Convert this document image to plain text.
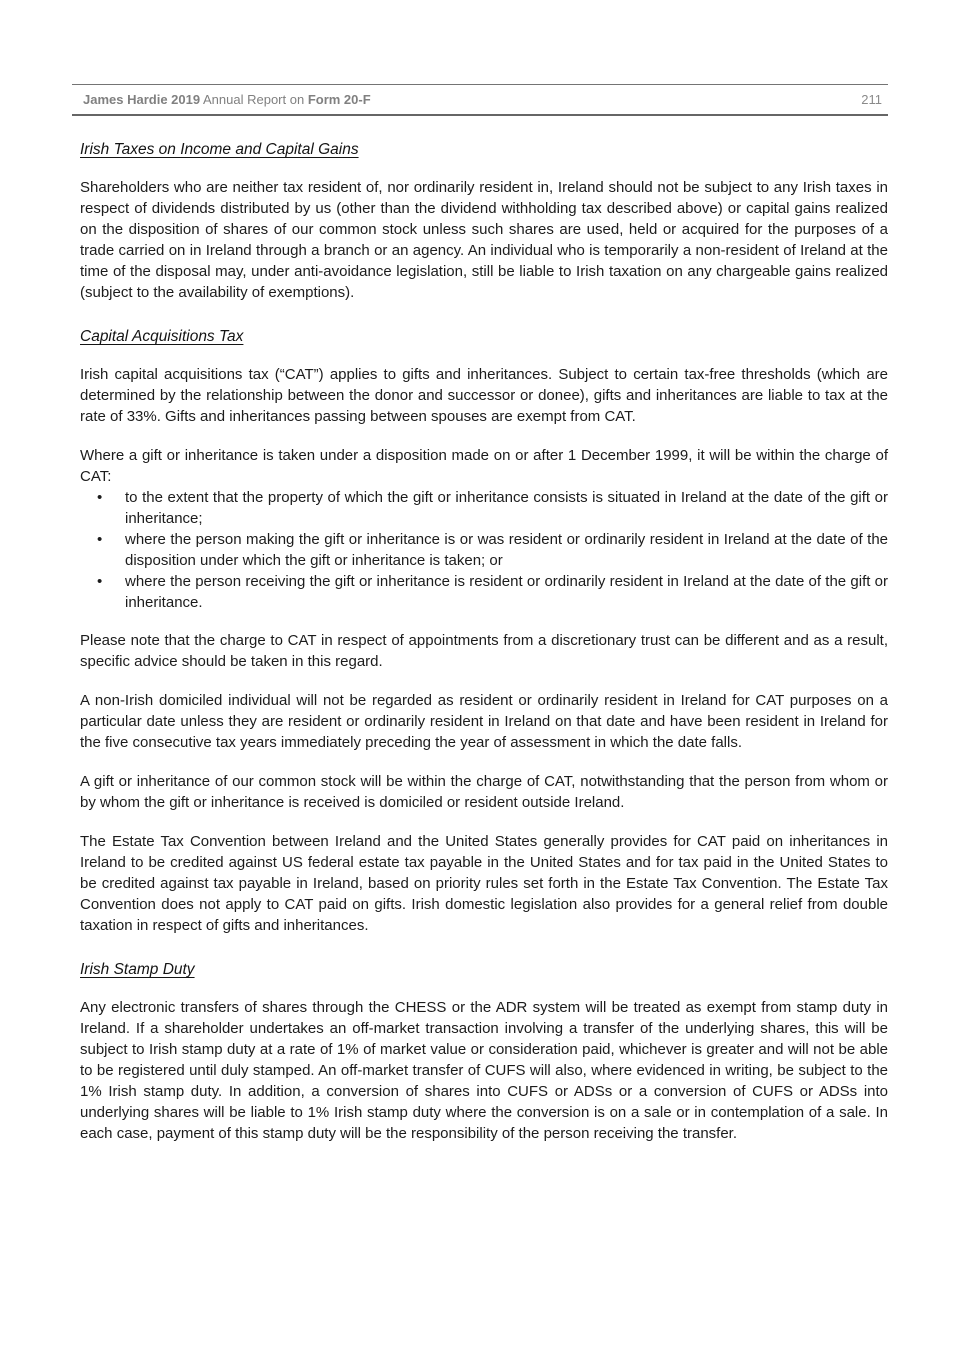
James Hardie 2019 Annual Report on Form 20-F	211
Irish Taxes on Income and Capital Gains

Shareholders who are neither tax resident of, nor ordinarily resident in, Ireland should not be subject to any Irish taxes in respect of dividends distributed by us (other than the dividend withholding tax described above) or capital gains realized on the disposition of shares of our common stock unless such shares are used, held or acquired for the purposes of a trade carried on in Ireland through a branch or an agency. An individual who is temporarily a non-resident of Ireland at the time of the disposal may, under anti-avoidance legislation, still be liable to Irish taxation on any chargeable gains realized (subject to the availability of exemptions).

Capital Acquisitions Tax

Irish capital acquisitions tax (“CAT”) applies to gifts and inheritances. Subject to certain tax-free thresholds (which are determined by the relationship between the donor and successor or donee), gifts and inheritances are liable to tax at the rate of 33%. Gifts and inheritances passing between spouses are exempt from CAT.

Where a gift or inheritance is taken under a disposition made on or after 1 December 1999, it will be within the charge of CAT:

• to the extent that the property of which the gift or inheritance consists is situated in Ireland at the date of the gift or inheritance;
• where the person making the gift or inheritance is or was resident or ordinarily resident in Ireland at the date of the disposition under which the gift or inheritance is taken; or
• where the person receiving the gift or inheritance is resident or ordinarily resident in Ireland at the date of the gift or inheritance.

Please note that the charge to CAT in respect of appointments from a discretionary trust can be different and as a result, specific advice should be taken in this regard.

A non-Irish domiciled individual will not be regarded as resident or ordinarily resident in Ireland for CAT purposes on a particular date unless they are resident or ordinarily resident in Ireland on that date and have been resident in Ireland for the five consecutive tax years immediately preceding the year of assessment in which the date falls.

A gift or inheritance of our common stock will be within the charge of CAT, notwithstanding that the person from whom or by whom the gift or inheritance is received is domiciled or resident outside Ireland.

The Estate Tax Convention between Ireland and the United States generally provides for CAT paid on inheritances in Ireland to be credited against US federal estate tax payable in the United States and for tax paid in the United States to be credited against tax payable in Ireland, based on priority rules set forth in the Estate Tax Convention. The Estate Tax Convention does not apply to CAT paid on gifts. Irish domestic legislation also provides for a general relief from double taxation in respect of gifts and inheritances.

Irish Stamp Duty

Any electronic transfers of shares through the CHESS or the ADR system will be treated as exempt from stamp duty in Ireland. If a shareholder undertakes an off-market transaction involving a transfer of the underlying shares, this will be subject to Irish stamp duty at a rate of 1% of market value or consideration paid, whichever is greater and will not be able to be registered until duly stamped. An off-market transfer of CUFS will also, where evidenced in writing, be subject to the 1% Irish stamp duty. In addition, a conversion of shares into CUFS or ADSs or a conversion of CUFS or ADSs into underlying shares will be liable to 1% Irish stamp duty where the conversion is on a sale or in contemplation of a sale. In each case, payment of this stamp duty will be the responsibility of the person receiving the transfer.
